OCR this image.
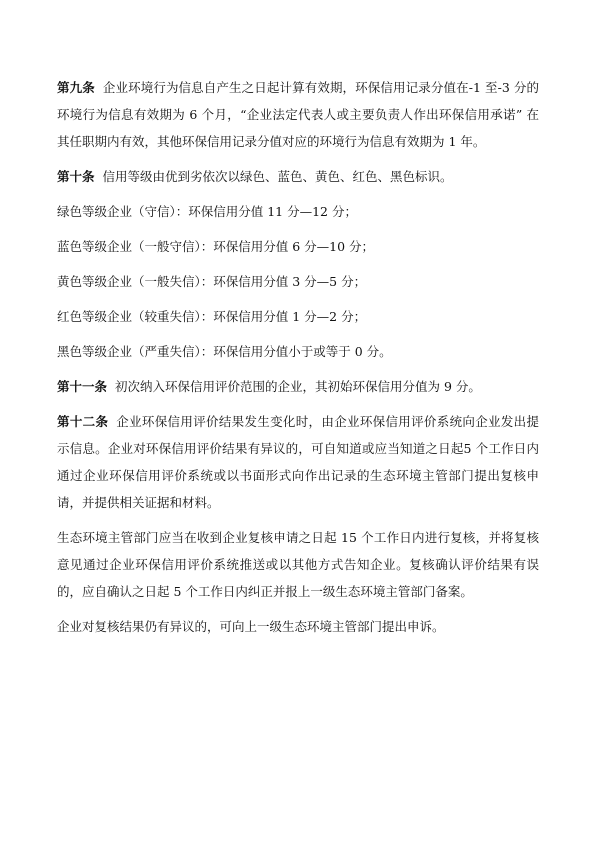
第九条 企业环境行为信息自产生之日起计算有效期，环保信用记录分值在-1 至-3 分的环境行为信息有效期为 6 个月，“企业法定代表人或主要负责人作出环保信用承诺” 在其任职期内有效，其他环保信用记录分值对应的环境行为信息有效期为 1 年。

第十条 信用等级由优到劣依次以绿色、蓝色、黄色、红色、黑色标识。

绿色等级企业（守信）：环保信用分值 11 分—12 分；

蓝色等级企业（一般守信）：环保信用分值 6 分—10 分；

黄色等级企业（一般失信）：环保信用分值 3 分—5 分；

红色等级企业（较重失信）：环保信用分值 1 分—2 分；

黑色等级企业（严重失信）：环保信用分值小于或等于 0 分。

第十一条 初次纳入环保信用评价范围的企业，其初始环保信用分值为 9 分。

第十二条 企业环保信用评价结果发生变化时，由企业环保信用评价系统向企业发出提示信息。企业对环保信用评价结果有异议的，可自知道或应当知道之日起5 个工作日内通过企业环保信用评价系统或以书面形式向作出记录的生态环境主管部门提出复核申请，并提供相关证据和材料。

生态环境主管部门应当在收到企业复核申请之日起 15 个工作日内进行复核，并将复核意见通过企业环保信用评价系统推送或以其他方式告知企业。复核确认评价结果有误的，应自确认之日起 5 个工作日内纠正并报上一级生态环境主管部门备案。

企业对复核结果仍有异议的，可向上一级生态环境主管部门提出申诉。
